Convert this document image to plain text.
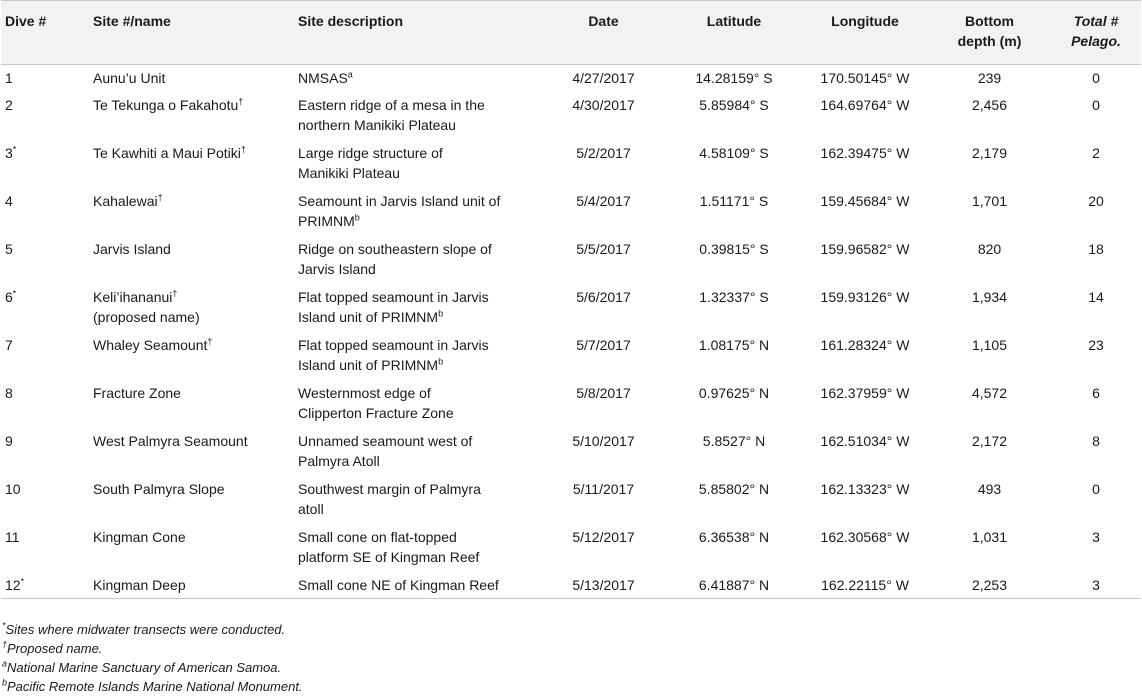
Dive #	Site #/name	Site description	Date	Latitude	Longitude	Bottom
depth (m)	Total #
Pelago.
1	Aunu’u Unit	NMSAS$^a$	4/27/2017	14.28159° S	170.50145° W	239	0
2	Te Tekunga o Fakahotu†	Eastern ridge of a mesa in the
northern Manikiki Plateau	4/30/2017	5.85984° S	164.69764° W	2,456	0
3*	Te Kawhiti a Maui Potiki†	Large ridge structure of
Manikiki Plateau	5/2/2017	4.58109° S	162.39475° W	2,179	2
4	Kahalewai†	Seamount in Jarvis Island unit of
PRIMNM$^b$	5/4/2017	1.51171° S	159.45684° W	1,701	20
5	Jarvis Island	Ridge on southeastern slope of
Jarvis Island	5/5/2017	0.39815° S	159.96582° W	820	18
6*	Keli’ihananui†
(proposed name)	Flat topped seamount in Jarvis
Island unit of PRIMNM$^b$	5/6/2017	1.32337° S	159.93126° W	1,934	14
7	Whaley Seamount†	Flat topped seamount in Jarvis
Island unit of PRIMNM$^b$	5/7/2017	1.08175° N	161.28324° W	1,105	23
8	Fracture Zone	Westernmost edge of
Clipperton Fracture Zone	5/8/2017	0.97625° N	162.37959° W	4,572	6
9	West Palmyra Seamount	Unnamed seamount west of
Palmyra Atoll	5/10/2017	5.8527° N	162.51034° W	2,172	8
10	South Palmyra Slope	Southwest margin of Palmyra
atoll	5/11/2017	5.85802° N	162.13323° W	493	0
11	Kingman Cone	Small cone on flat-topped
platform SE of Kingman Reef	5/12/2017	6.36538° N	162.30568° W	1,031	3
12*	Kingman Deep	Small cone NE of Kingman Reef	5/13/2017	6.41887° N	162.22115° W	2,253	3
*Sites where midwater transects were conducted.
†Proposed name.
$^a$National Marine Sanctuary of American Samoa.
$^b$Pacific Remote Islands Marine National Monument.
